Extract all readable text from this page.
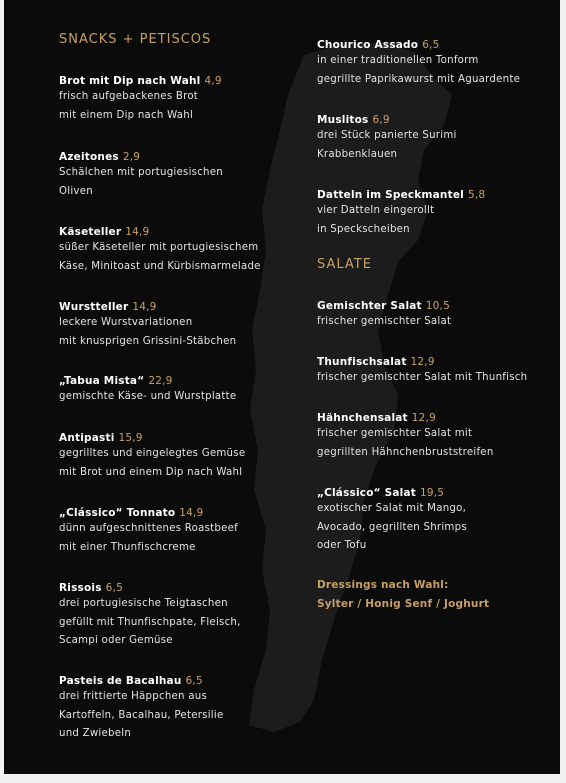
SNACKS + PETISCOS
Brot mit Dip nach Wahl 4,9
frisch aufgebackenes Brot
mit einem Dip nach Wahl
Azeitones 2,9
Schälchen mit portugiesischen
Oliven
Käseteller 14,9
süßer Käseteller mit portugiesischem
Käse, Minitoast und Kürbismarmelade
Wurstteller 14,9
leckere Wurstvariationen
mit knusprigen Grissini-Stäbchen
„Tabua Mista“ 22,9
gemischte Käse- und Wurstplatte
Antipasti 15,9
gegrilltes und eingelegtes Gemüse
mit Brot und einem Dip nach Wahl
„Clássico“ Tonnato 14,9
dünn aufgeschnittenes Roastbeef
mit einer Thunfischcreme
Rissois 6,5
drei portugiesische Teigtaschen
gefüllt mit Thunfischpate, Fleisch,
Scampi oder Gemüse
Pasteis de Bacalhau 6,5
drei frittierte Häppchen aus
Kartoffeln, Bacalhau, Petersilie
und Zwiebeln
Chourico Assado 6,5
in einer traditionellen Tonform
gegrillte Paprikawurst mit Aguardente
Muslitos 6,9
drei Stück panierte Surimi
Krabbenklauen
Datteln im Speckmantel 5,8
vier Datteln eingerollt
in Speckscheiben
SALATE
Gemischter Salat 10,5
frischer gemischter Salat
Thunfischsalat 12,9
frischer gemischter Salat mit Thunfisch
Hähnchensalat 12,9
frischer gemischter Salat mit
gegrillten Hähnchenbruststreifen
„Clássico“ Salat 19,5
exotischer Salat mit Mango,
Avocado, gegrillten Shrimps
oder Tofu
Dressings nach Wahl:
Sylter / Honig Senf / Joghurt
